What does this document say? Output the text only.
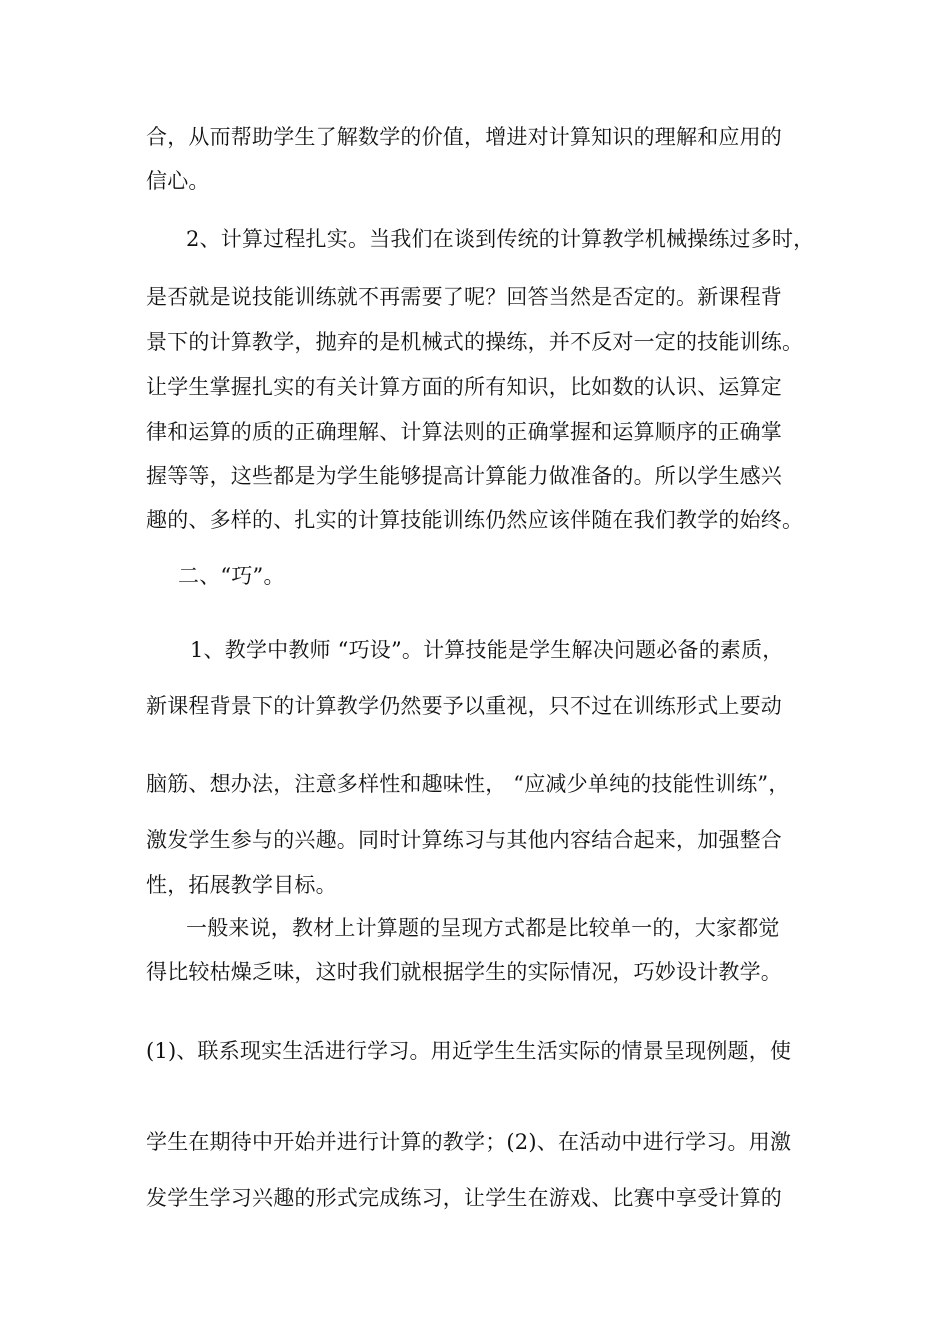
合，从而帮助学生了解数学的价值，增进对计算知识的理解和应用的
信心。
2、计算过程扎实。当我们在谈到传统的计算教学机械操练过多时，
是否就是说技能训练就不再需要了呢？回答当然是否定的。新课程背
景下的计算教学，抛弃的是机械式的操练，并不反对一定的技能训练。
让学生掌握扎实的有关计算方面的所有知识，比如数的认识、运算定
律和运算的质的正确理解、计算法则的正确掌握和运算顺序的正确掌
握等等，这些都是为学生能够提高计算能力做准备的。所以学生感兴
趣的、多样的、扎实的计算技能训练仍然应该伴随在我们教学的始终。
二、“巧”。
1、教学中教师 “巧设”。计算技能是学生解决问题必备的素质，
新课程背景下的计算教学仍然要予以重视，只不过在训练形式上要动
脑筋、想办法，注意多样性和趣味性， “应减少单纯的技能性训练”，
激发学生参与的兴趣。同时计算练习与其他内容结合起来，加强整合
性，拓展教学目标。
一般来说，教材上计算题的呈现方式都是比较单一的，大家都觉
得比较枯燥乏味，这时我们就根据学生的实际情况，巧妙设计教学。
(1)、联系现实生活进行学习。用近学生生活实际的情景呈现例题，使
学生在期待中开始并进行计算的教学；(2)、在活动中进行学习。用激
发学生学习兴趣的形式完成练习，让学生在游戏、比赛中享受计算的
